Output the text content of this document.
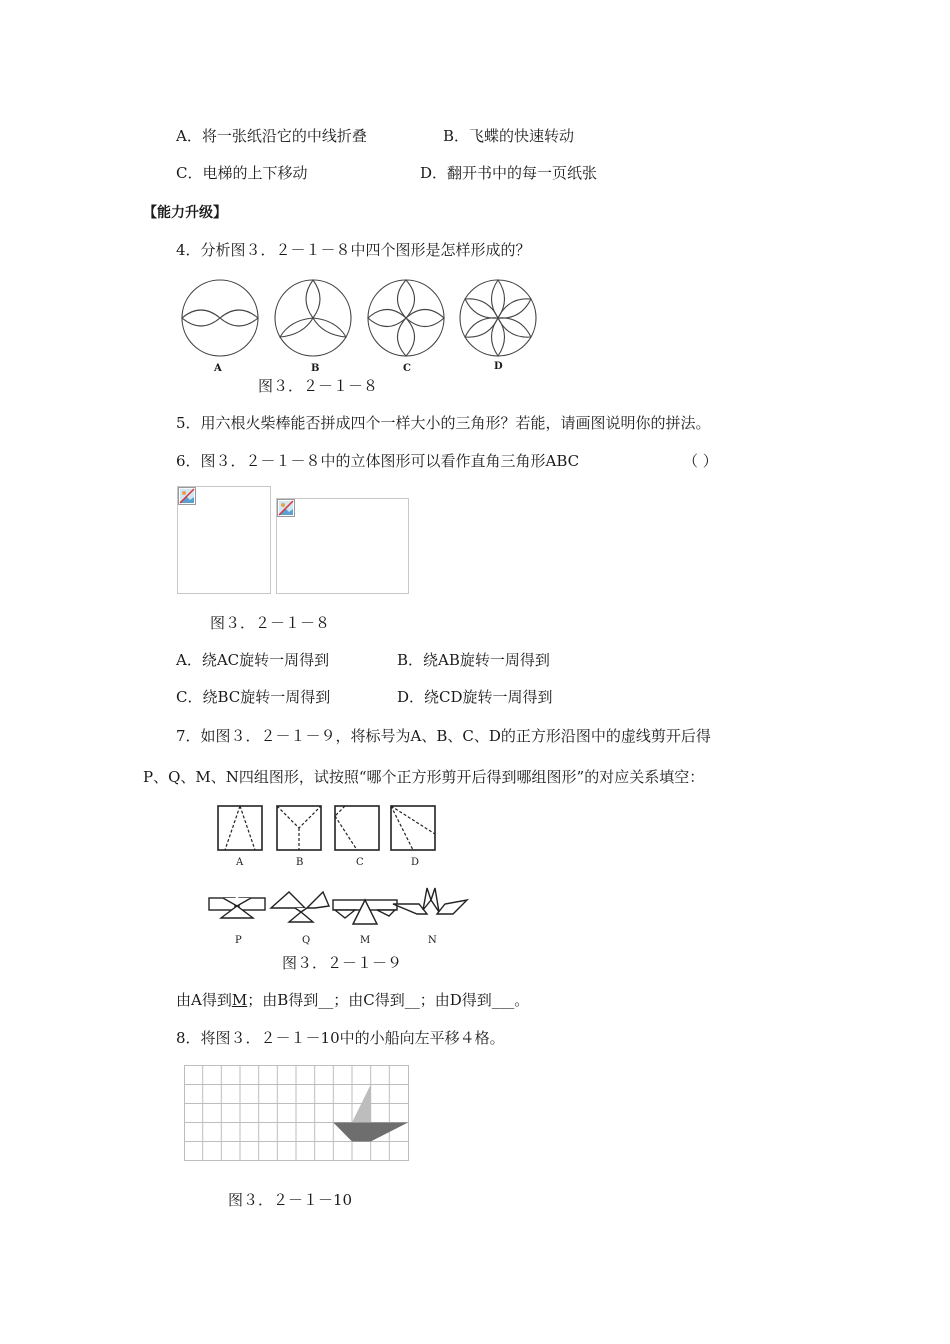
A．将一张纸沿它的中线折叠	B．飞蝶的快速转动
C．电梯的上下移动	D．翻开书中的每一页纸张
【能力升级】
4．分析图３．２－１－８中四个图形是怎样形成的？
A	B	C	D
图３．２－１－８
5．用六根火柴棒能否拼成四个一样大小的三角形？若能，请画图说明你的拼法。
6．图３．２－１－８中的立体图形可以看作直角三角形ABC	（ ）
图３．２－１－８
A．绕AC旋转一周得到	B．绕AB旋转一周得到
C．绕BC旋转一周得到	D．绕CD旋转一周得到
7．如图３．２－１－９，将标号为A、B、C、D的正方形沿图中的虚线剪开后得
P、Q、M、N四组图形，试按照“哪个正方形剪开后得到哪组图形”的对应关系填空：
A	B	C	D
P	Q	M	N
图３．２－１－９
由A得到M；由B得到__；由C得到__；由D得到___。
8．将图３．２－１－10中的小船向左平移４格。
图３．２－１－10
